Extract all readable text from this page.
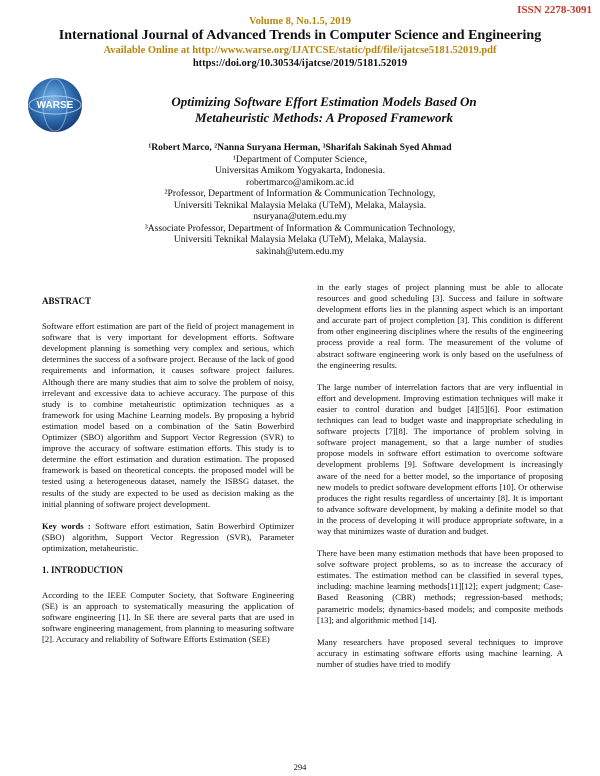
ISSN 2278-3091
Volume 8, No.1.5, 2019
International Journal of Advanced Trends in Computer Science and Engineering
Available Online at http://www.warse.org/IJATCSE/static/pdf/file/ijatcse5181.52019.pdf
https://doi.org/10.30534/ijatcse/2019/5181.52019
WARSE	Optimizing Software Effort Estimation Models Based On
Metaheuristic Methods: A Proposed Framework
¹Robert Marco, ²Nanna Suryana Herman, ³Sharifah Sakinah Syed Ahmad
¹Department of Computer Science,
Universitas Amikom Yogyakarta, Indonesia.
robertmarco@amikom.ac.id
²Professor, Department of Information & Communication Technology,
Universiti Teknikal Malaysia Melaka (UTeM), Melaka, Malaysia.
nsuryana@utem.edu.my
³Associate Professor, Department of Information & Communication Technology,
Universiti Teknikal Malaysia Melaka (UTeM), Melaka, Malaysia.
sakinah@utem.edu.my
ABSTRACT

Software effort estimation are part of the field of project management in software that is very important for development efforts. Software development planning is something very complex and serious, which determines the success of a software project. Because of the lack of good requirements and information, it causes software project failures. Although there are many studies that aim to solve the problem of noisy, irrelevant and excessive data to achieve accuracy. The purpose of this study is to combine metaheuristic optimization techniques as a framework for using Machine Learning models. By proposing a hybrid estimation model based on a combination of the Satin Bowerbird Optimizer (SBO) algorithm and Support Vector Regression (SVR) to improve the accuracy of software estimation efforts. This study is to determine the effort estimation and duration estimation. The proposed framework is based on theoretical concepts. the proposed model will be tested using a heterogeneous dataset, namely the ISBSG dataset. the results of the study are expected to be used as decision making as the initial planning of software project development.

Key words : Software effort estimation, Satin Bowerbird Optimizer (SBO) algorithm, Support Vector Regression (SVR), Parameter optimization, metaheuristic.

1. INTRODUCTION

According to the IEEE Computer Society, that Software Engineering (SE) is an approach to systematically measuring the application of software engineering [1]. In SE there are several parts that are used in software engineering management, from planning to measuring software [2]. Accuracy and reliability of Software Efforts Estimation (SEE)

in the early stages of project planning must be able to allocate resources and good scheduling [3]. Success and failure in software development efforts lies in the planning aspect which is an important and accurate part of project completion [3]. This condition is different from other engineering disciplines where the results of the engineering process provide a real form. The measurement of the volume of abstract software engineering work is only based on the usefulness of the engineering results.

The large number of interrelation factors that are very influential in effort and development. Improving estimation techniques will make it easier to control duration and budget [4][5][6]. Poor estimation techniques can lead to budget waste and inappropriate scheduling in software projects [7][8]. The importance of problem solving in software project management, so that a large number of studies propose models in software effort estimation to overcome software development problems [9]. Software development is increasingly aware of the need for a better model, so the importance of proposing new models to predict software development efforts [10]. Or otherwise produces the right results regardless of uncertainty [8]. It is important to advance software development, by making a definite model so that in the process of developing it will produce appropriate software, in a way that minimizes waste of duration and budget.

There have been many estimation methods that have been proposed to solve software project problems, so as to increase the accuracy of estimates. The estimation method can be classified in several types, including: machine learning methods[11][12]; expert judgment; Case-Based Reasoning (CBR) methods; regression-based methods; parametric models; dynamics-based models; and composite methods [13]; and algorithmic method [14].

Many researchers have proposed several techniques to improve accuracy in estimating software efforts using machine learning. A number of studies have tried to modify

294
